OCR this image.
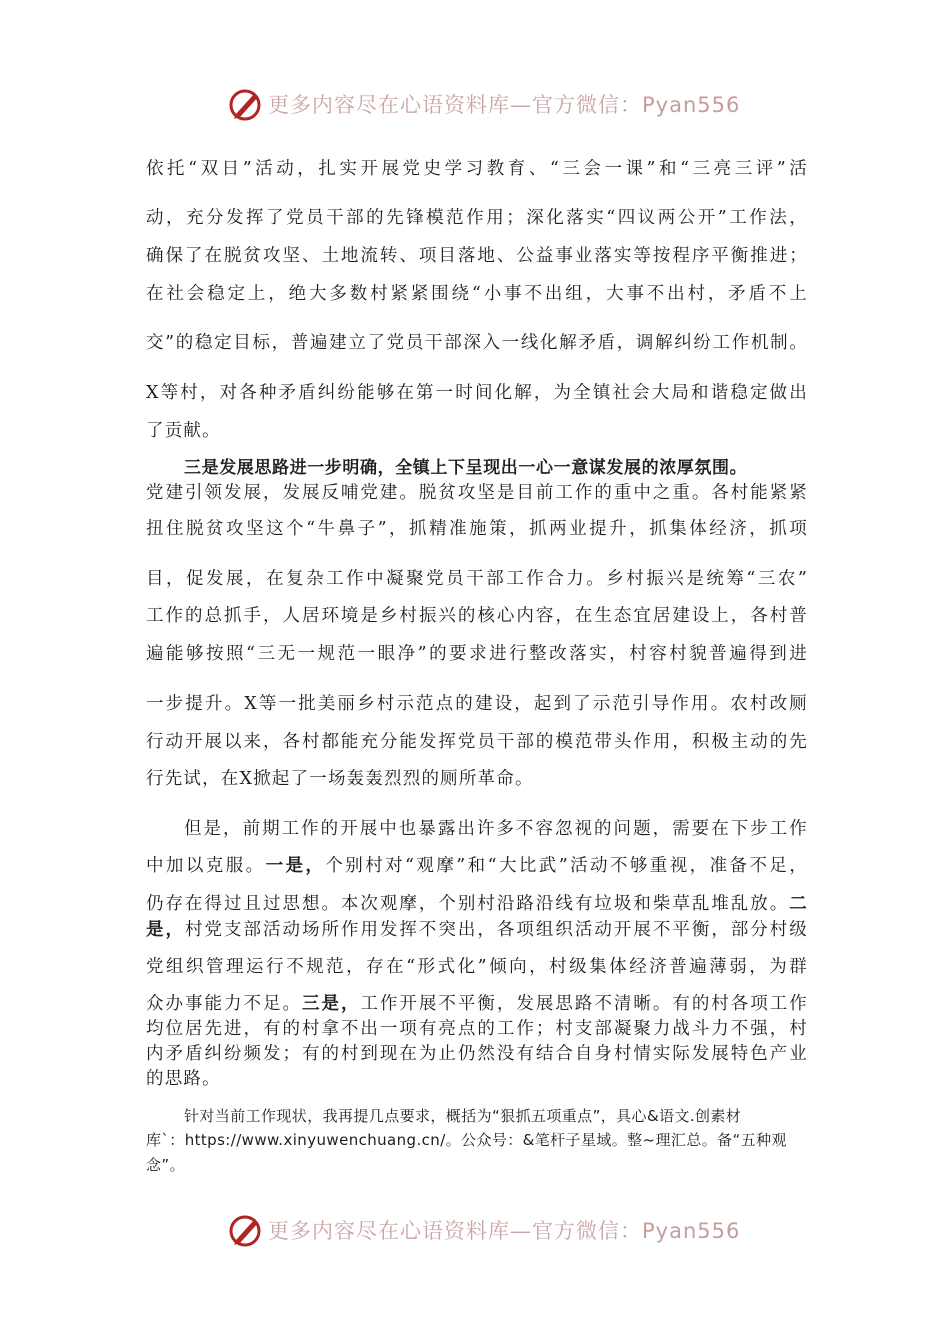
更多内容尽在心语资料库—官方微信：Pyan556
依托“双日”活动，扎实开展党史学习教育、“三会一课”和“三亮三评”活
动，充分发挥了党员干部的先锋模范作用；深化落实“四议两公开”工作法，
确保了在脱贫攻坚、土地流转、项目落地、公益事业落实等按程序平衡推进；
在社会稳定上，绝大多数村紧紧围绕“小事不出组，大事不出村，矛盾不上
交”的稳定目标，普遍建立了党员干部深入一线化解矛盾，调解纠纷工作机制。
X等村，对各种矛盾纠纷能够在第一时间化解，为全镇社会大局和谐稳定做出
了贡献。
三是发展思路进一步明确，全镇上下呈现出一心一意谋发展的浓厚氛围。
党建引领发展，发展反哺党建。脱贫攻坚是目前工作的重中之重。各村能紧紧
扭住脱贫攻坚这个“牛鼻子”，抓精准施策，抓两业提升，抓集体经济，抓项
目，促发展，在复杂工作中凝聚党员干部工作合力。乡村振兴是统筹“三农”
工作的总抓手，人居环境是乡村振兴的核心内容，在生态宜居建设上，各村普
遍能够按照“三无一规范一眼净”的要求进行整改落实，村容村貌普遍得到进
一步提升。X等一批美丽乡村示范点的建设，起到了示范引导作用。农村改厕
行动开展以来，各村都能充分能发挥党员干部的模范带头作用，积极主动的先
行先试，在X掀起了一场轰轰烈烈的厕所革命。
但是，前期工作的开展中也暴露出许多不容忽视的问题，需要在下步工作
中加以克服。一是，个别村对“观摩”和“大比武”活动不够重视，准备不足，
仍存在得过且过思想。本次观摩，个别村沿路沿线有垃圾和柴草乱堆乱放。二
是，村党支部活动场所作用发挥不突出，各项组织活动开展不平衡，部分村级
党组织管理运行不规范，存在“形式化”倾向，村级集体经济普遍薄弱，为群
众办事能力不足。三是，工作开展不平衡，发展思路不清晰。有的村各项工作
均位居先进，有的村拿不出一项有亮点的工作；村支部凝聚力战斗力不强，村
内矛盾纠纷频发；有的村到现在为止仍然没有结合自身村情实际发展特色产业
的思路。
针对当前工作现状，我再提几点要求，概括为“狠抓五项重点”，具心&语文.创素材
库`：https://www.xinyuwenchuang.cn/。公众号：&笔杆子星域。整~理汇总。备“五种观
念”。
更多内容尽在心语资料库—官方微信：Pyan556
